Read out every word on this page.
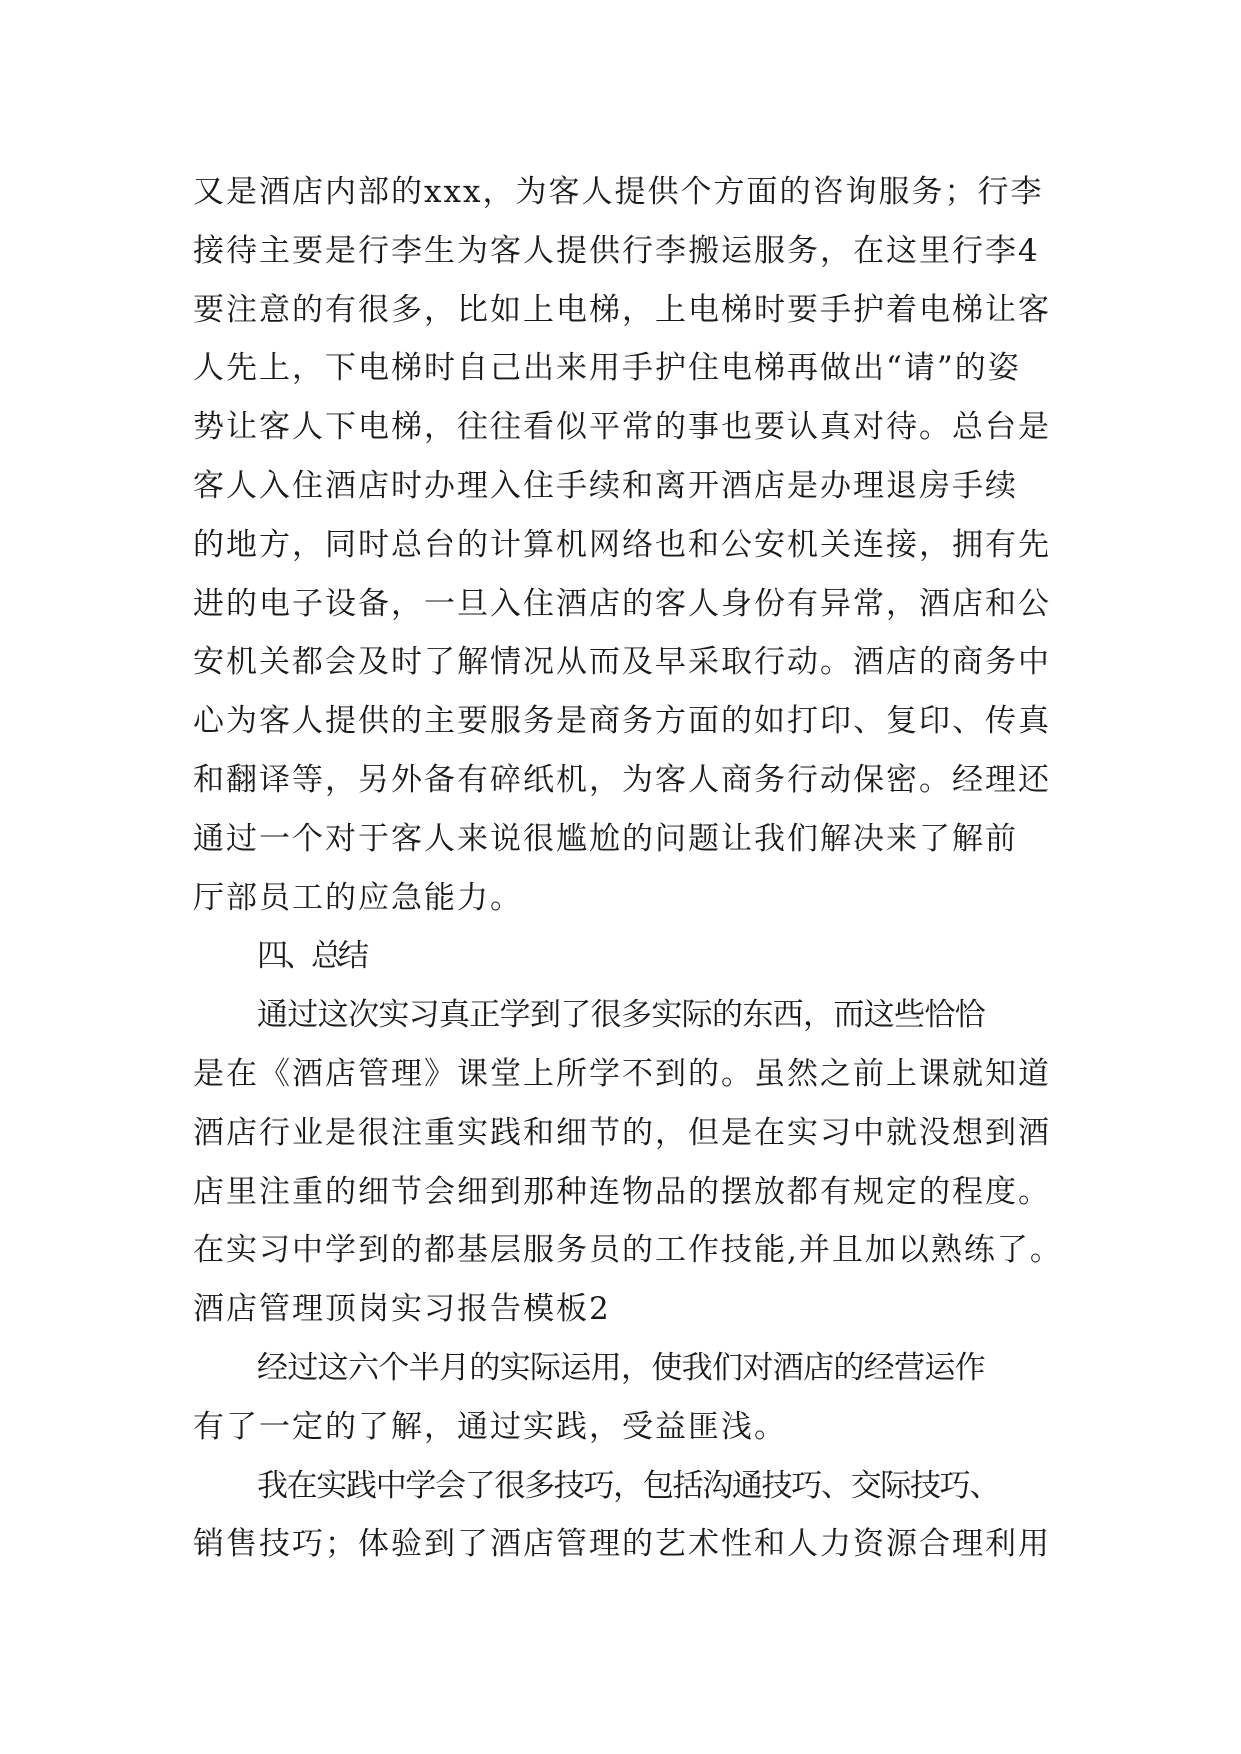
又是酒店内部的xxx，为客人提供个方面的咨询服务；行李
接待主要是行李生为客人提供行李搬运服务，在这里行李4
要注意的有很多，比如上电梯，上电梯时要手护着电梯让客
人先上，下电梯时自己出来用手护住电梯再做出“请”的姿
势让客人下电梯，往往看似平常的事也要认真对待。总台是
客人入住酒店时办理入住手续和离开酒店是办理退房手续
的地方，同时总台的计算机网络也和公安机关连接，拥有先
进的电子设备，一旦入住酒店的客人身份有异常，酒店和公
安机关都会及时了解情况从而及早采取行动。酒店的商务中
心为客人提供的主要服务是商务方面的如打印、复印、传真
和翻译等，另外备有碎纸机，为客人商务行动保密。经理还
通过一个对于客人来说很尴尬的问题让我们解决来了解前
厅部员工的应急能力。
四、总结
通过这次实习真正学到了很多实际的东西，而这些恰恰
是在《酒店管理》课堂上所学不到的。虽然之前上课就知道
酒店行业是很注重实践和细节的，但是在实习中就没想到酒
店里注重的细节会细到那种连物品的摆放都有规定的程度。
在实习中学到的都基层服务员的工作技能,并且加以熟练了。
酒店管理顶岗实习报告模板2
经过这六个半月的实际运用，使我们对酒店的经营运作
有了一定的了解，通过实践，受益匪浅。
我在实践中学会了很多技巧，包括沟通技巧、交际技巧、
销售技巧；体验到了酒店管理的艺术性和人力资源合理利用
